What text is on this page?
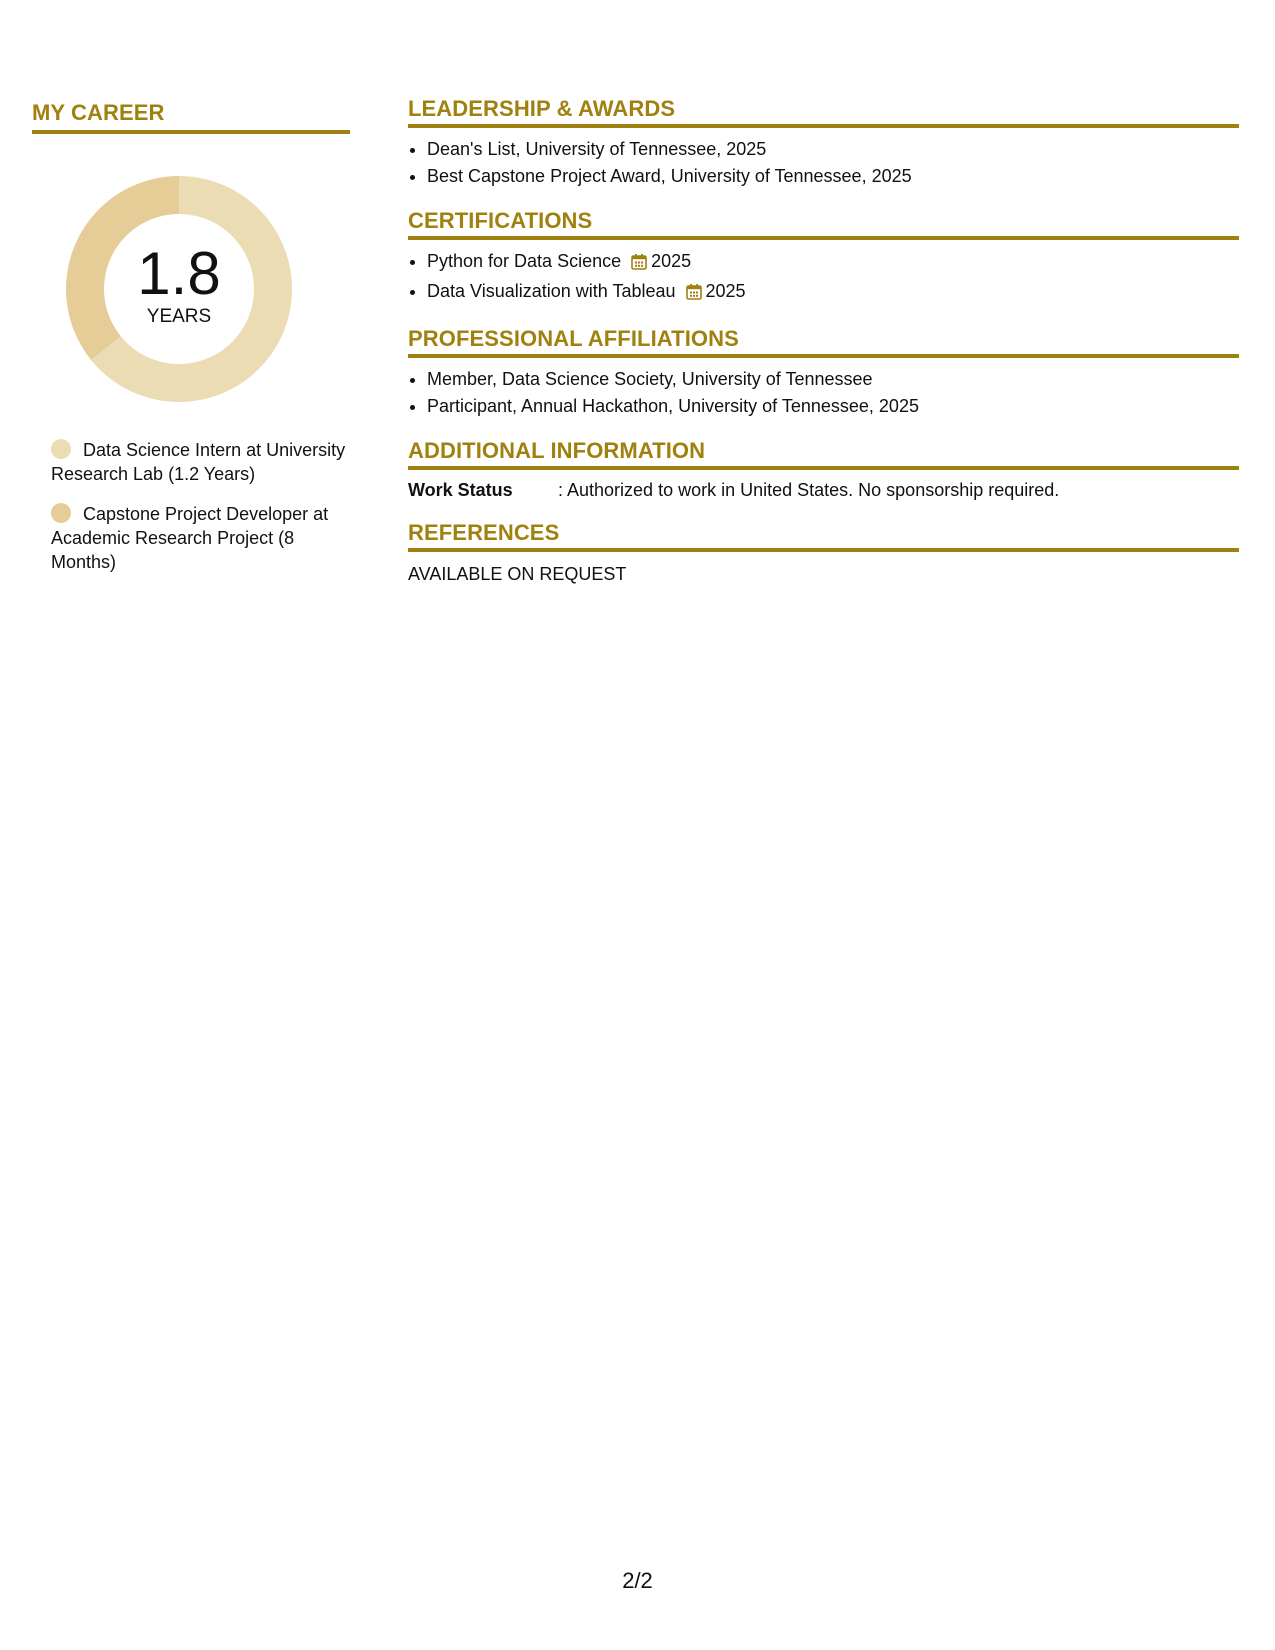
MY CAREER
1.8
YEARS
Data Science Intern at University Research Lab (1.2 Years)
Capstone Project Developer at Academic Research Project (8 Months)
LEADERSHIP & AWARDS
• Dean's List, University of Tennessee, 2025
• Best Capstone Project Award, University of Tennessee, 2025
CERTIFICATIONS
• Python for Data Science 2025
• Data Visualization with Tableau 2025
PROFESSIONAL AFFILIATIONS
• Member, Data Science Society, University of Tennessee
• Participant, Annual Hackathon, University of Tennessee, 2025
ADDITIONAL INFORMATION
Work Status	: Authorized to work in United States. No sponsorship required.
REFERENCES
AVAILABLE ON REQUEST
2/2
